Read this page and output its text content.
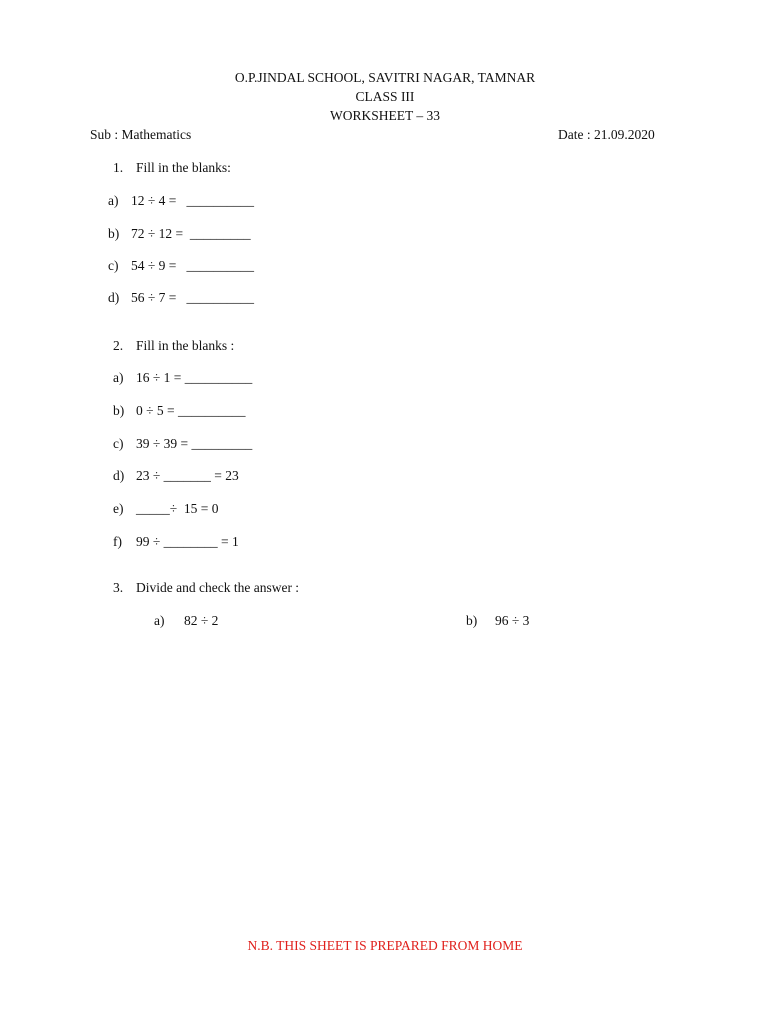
O.P.JINDAL SCHOOL, SAVITRI NAGAR, TAMNAR
CLASS III
WORKSHEET – 33
Sub : Mathematics	Date : 21.09.2020
1. Fill in the blanks:
a) 12 ÷ 4 =   __________
b) 72 ÷ 12 =  _________
c) 54 ÷ 9 =   __________
d) 56 ÷ 7 =   __________
2. Fill in the blanks :
a) 16 ÷ 1 = __________
b) 0 ÷ 5 = __________
c) 39 ÷ 39 = _________
d) 23 ÷ _______ = 23
e) _____÷  15 = 0
f) 99 ÷ ________ = 1
3. Divide and check the answer :
a) 82 ÷ 2	b) 96 ÷ 3
N.B. THIS SHEET IS PREPARED FROM HOME
